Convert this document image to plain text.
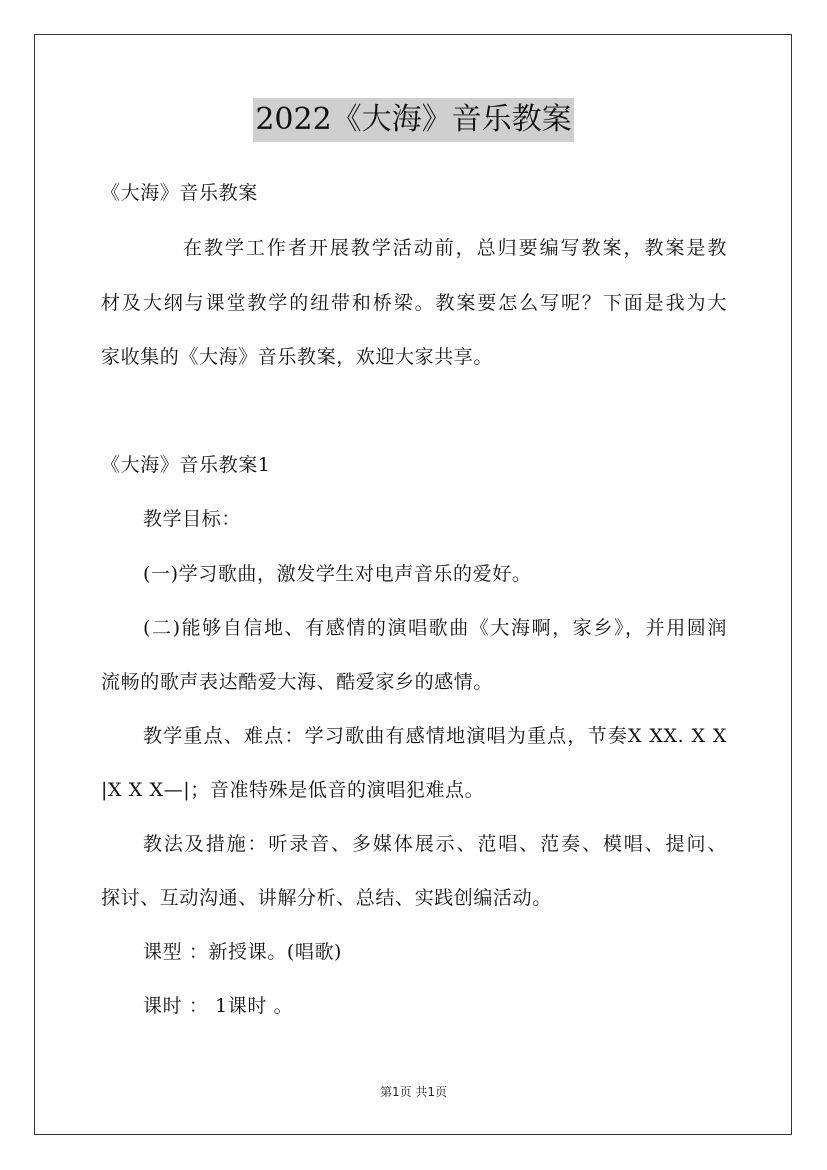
2022《大海》音乐教案
《大海》音乐教案
在教学工作者开展教学活动前，总归要编写教案，教案是教
材及大纲与课堂教学的纽带和桥梁。教案要怎么写呢？下面是我为大
家收集的《大海》音乐教案，欢迎大家共享。
《大海》音乐教案1
教学目标：
(一)学习歌曲，激发学生对电声音乐的爱好。
(二)能够自信地、有感情的演唱歌曲《大海啊，家乡》，并用圆润
流畅的歌声表达酷爱大海、酷爱家乡的感情。
教学重点、难点：学习歌曲有感情地演唱为重点，节奏X XX. X X
|X X X—|；音准特殊是低音的演唱犯难点。
教法及措施：听录音、多媒体展示、范唱、范奏、模唱、提问、
探讨、互动沟通、讲解分析、总结、实践创编活动。
课型 ：新授课。(唱歌)
课时 ： 1课时 。
第1页 共1页
